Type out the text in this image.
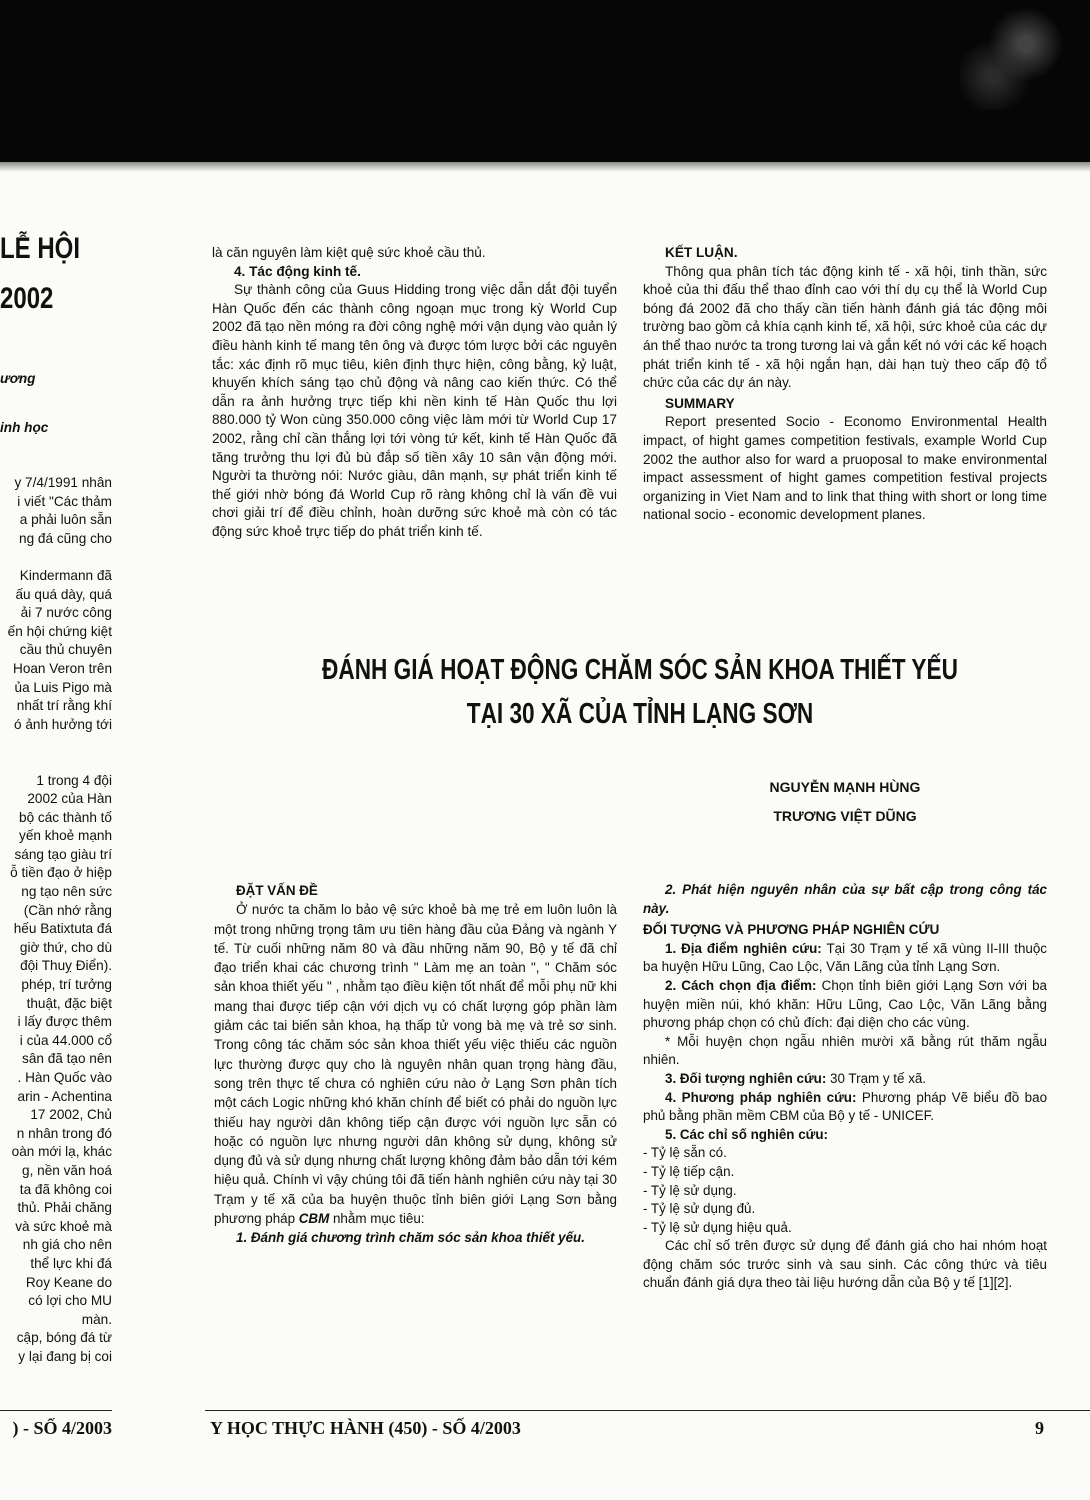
LỄ HỘI
2002

ương

inh học

y 7/4/1991 nhân

i viết "Các thảm

a phải luôn sẵn

ng đá cũng cho

Kindermann đã

ấu quá dày, quá

ải 7 nước công

ến hội chứng kiệt

cầu thủ chuyên

Hoan Veron trên

ủa Luis Pigo mà

nhất trí rằng khí

ó ảnh hưởng tới

1 trong 4 đội

2002 của Hàn

bộ các thành tố

yến khoẻ mạnh

sáng tạo giàu trí

ỗ tiền đạo ở hiệp

ng tạo nên sức

(Cần nhớ rằng

hếu Batixtuta đá

giờ thứ, cho dù

đội Thuỵ Điển).

phép, trí tưởng

thuật, đặc biệt

i lấy được thêm

i của 44.000 cổ

sân đã tạo nên

. Hàn Quốc vào

arin - Achentina

17 2002, Chủ

n nhân trong đó

oàn mới lạ, khác

g, nền văn hoá

ta đã không coi

thủ. Phải chăng

và sức khoẻ mà

nh giá cho nên

thể lực khi đá

Roy Keane do

có lợi cho MU

màn.

cập, bóng đá từ

y lại đang bị coi

là căn nguyên làm kiệt quệ sức khoẻ cầu thủ.

4. Tác động kinh tế.

Sự thành công của Guus Hidding trong việc dẫn dắt đội tuyển Hàn Quốc đến các thành công ngoạn mục trong kỳ World Cup 2002 đã tạo nền móng ra đời công nghệ mới vận dụng vào quản lý điều hành kinh tế mang tên ông và được tóm lược bởi các nguyên tắc: xác định rõ mục tiêu, kiên định thực hiện, công bằng, kỷ luật, khuyến khích sáng tạo chủ động và nâng cao kiến thức. Có thể dẫn ra ảnh hưởng trực tiếp khi nền kinh tế Hàn Quốc thu lợi 880.000 tỷ Won cùng 350.000 công việc làm mới từ World Cup 17 2002, rằng chỉ cần thắng lợi tới vòng tứ kết, kinh tế Hàn Quốc đã tăng trưởng thu lợi đủ bù đắp số tiền xây 10 sân vận động mới. Người ta thường nói: Nước giàu, dân mạnh, sự phát triển kinh tế thế giới nhờ bóng đá World Cup rõ ràng không chỉ là vấn đề vui chơi giải trí để điều chỉnh, hoàn dưỡng sức khoẻ mà còn có tác động sức khoẻ trực tiếp do phát triển kinh tế.

KẾT LUẬN.

Thông qua phân tích tác động kinh tế - xã hội, tinh thần, sức khoẻ của thi đấu thể thao đỉnh cao với thí dụ cụ thể là World Cup bóng đá 2002 đã cho thấy cần tiến hành đánh giá tác động môi trường bao gồm cả khía cạnh kinh tế, xã hội, sức khoẻ của các dự án thể thao nước ta trong tương lai và gắn kết nó với các kế hoạch phát triển kinh tế - xã hội ngắn hạn, dài hạn tuỳ theo cấp độ tổ chức của các dự án này.

SUMMARY

Report presented Socio - Economo Environmental Health impact, of hight games competition festivals, example World Cup 2002 the author also for ward a pruoposal to make environmental impact assessment of hight games competition festival projects organizing in Viet Nam and to link that thing with short or long time national socio - economic development planes.

ĐÁNH GIÁ HOẠT ĐỘNG CHĂM SÓC SẢN KHOA THIẾT YẾU
TẠI 30 XÃ CỦA TỈNH LẠNG SƠN
NGUYỄN MẠNH HÙNG
TRƯƠNG VIỆT DŨNG

ĐẶT VẤN ĐỀ

Ở nước ta chăm lo bảo vệ sức khoẻ bà mẹ trẻ em luôn luôn là một trong những trọng tâm ưu tiên hàng đầu của Đảng và ngành Y tế. Từ cuối những năm 80 và đầu những năm 90, Bộ y tế đã chỉ đạo triển khai các chương trình " Làm mẹ an toàn ", " Chăm sóc sản khoa thiết yếu " , nhằm tạo điều kiện tốt nhất để mỗi phụ nữ khi mang thai được tiếp cận với dịch vụ có chất lượng góp phần làm giảm các tai biến sản khoa, hạ thấp tử vong bà mẹ và trẻ sơ sinh. Trong công tác chăm sóc sản khoa thiết yếu việc thiếu các nguồn lực thường được quy cho là nguyên nhân quan trọng hàng đầu, song trên thực tế chưa có nghiên cứu nào ở Lạng Sơn phân tích một cách Logic những khó khăn chính để biết có phải do nguồn lực thiếu hay người dân không tiếp cận được với nguồn lực sẵn có hoặc có nguồn lực nhưng người dân không sử dụng, không sử dụng đủ và sử dụng nhưng chất lượng không đảm bảo dẫn tới kém hiệu quả. Chính vì vậy chúng tôi đã tiến hành nghiên cứu này tại 30 Trạm y tế xã của ba huyện thuộc tỉnh biên giới Lạng Sơn bằng phương pháp CBM nhằm mục tiêu:

1. Đánh giá chương trình chăm sóc sản khoa thiết yếu.

2. Phát hiện nguyên nhân của sự bất cập trong công tác này.

ĐỐI TƯỢNG VÀ PHƯƠNG PHÁP NGHIÊN CỨU

1. Địa điểm nghiên cứu: Tại 30 Trạm y tế xã vùng II-III thuộc ba huyện Hữu Lũng, Cao Lộc, Văn Lãng của tỉnh Lạng Sơn.

2. Cách chọn địa điểm: Chọn tỉnh biên giới Lạng Sơn với ba huyện miền núi, khó khăn: Hữu Lũng, Cao Lộc, Văn Lãng bằng phương pháp chọn có chủ đích: đại diện cho các vùng.

* Mỗi huyện chọn ngẫu nhiên mười xã bằng rút thăm ngẫu nhiên.

3. Đối tượng nghiên cứu: 30 Trạm y tế xã.

4. Phương pháp nghiên cứu: Phương pháp Vẽ biểu đồ bao phủ bằng phần mềm CBM của Bộ y tế - UNICEF.

5. Các chỉ số nghiên cứu:

- Tỷ lệ sẵn có.

- Tỷ lệ tiếp cận.

- Tỷ lệ sử dụng.

- Tỷ lệ sử dụng đủ.

- Tỷ lệ sử dụng hiệu quả.

Các chỉ số trên được sử dụng để đánh giá cho hai nhóm hoạt động chăm sóc trước sinh và sau sinh. Các công thức và tiêu chuẩn đánh giá dựa theo tài liệu hướng dẫn của Bộ y tế [1][2].

) - SỐ 4/2003	Y HỌC THỰC HÀNH (450) - SỐ 4/2003	9
